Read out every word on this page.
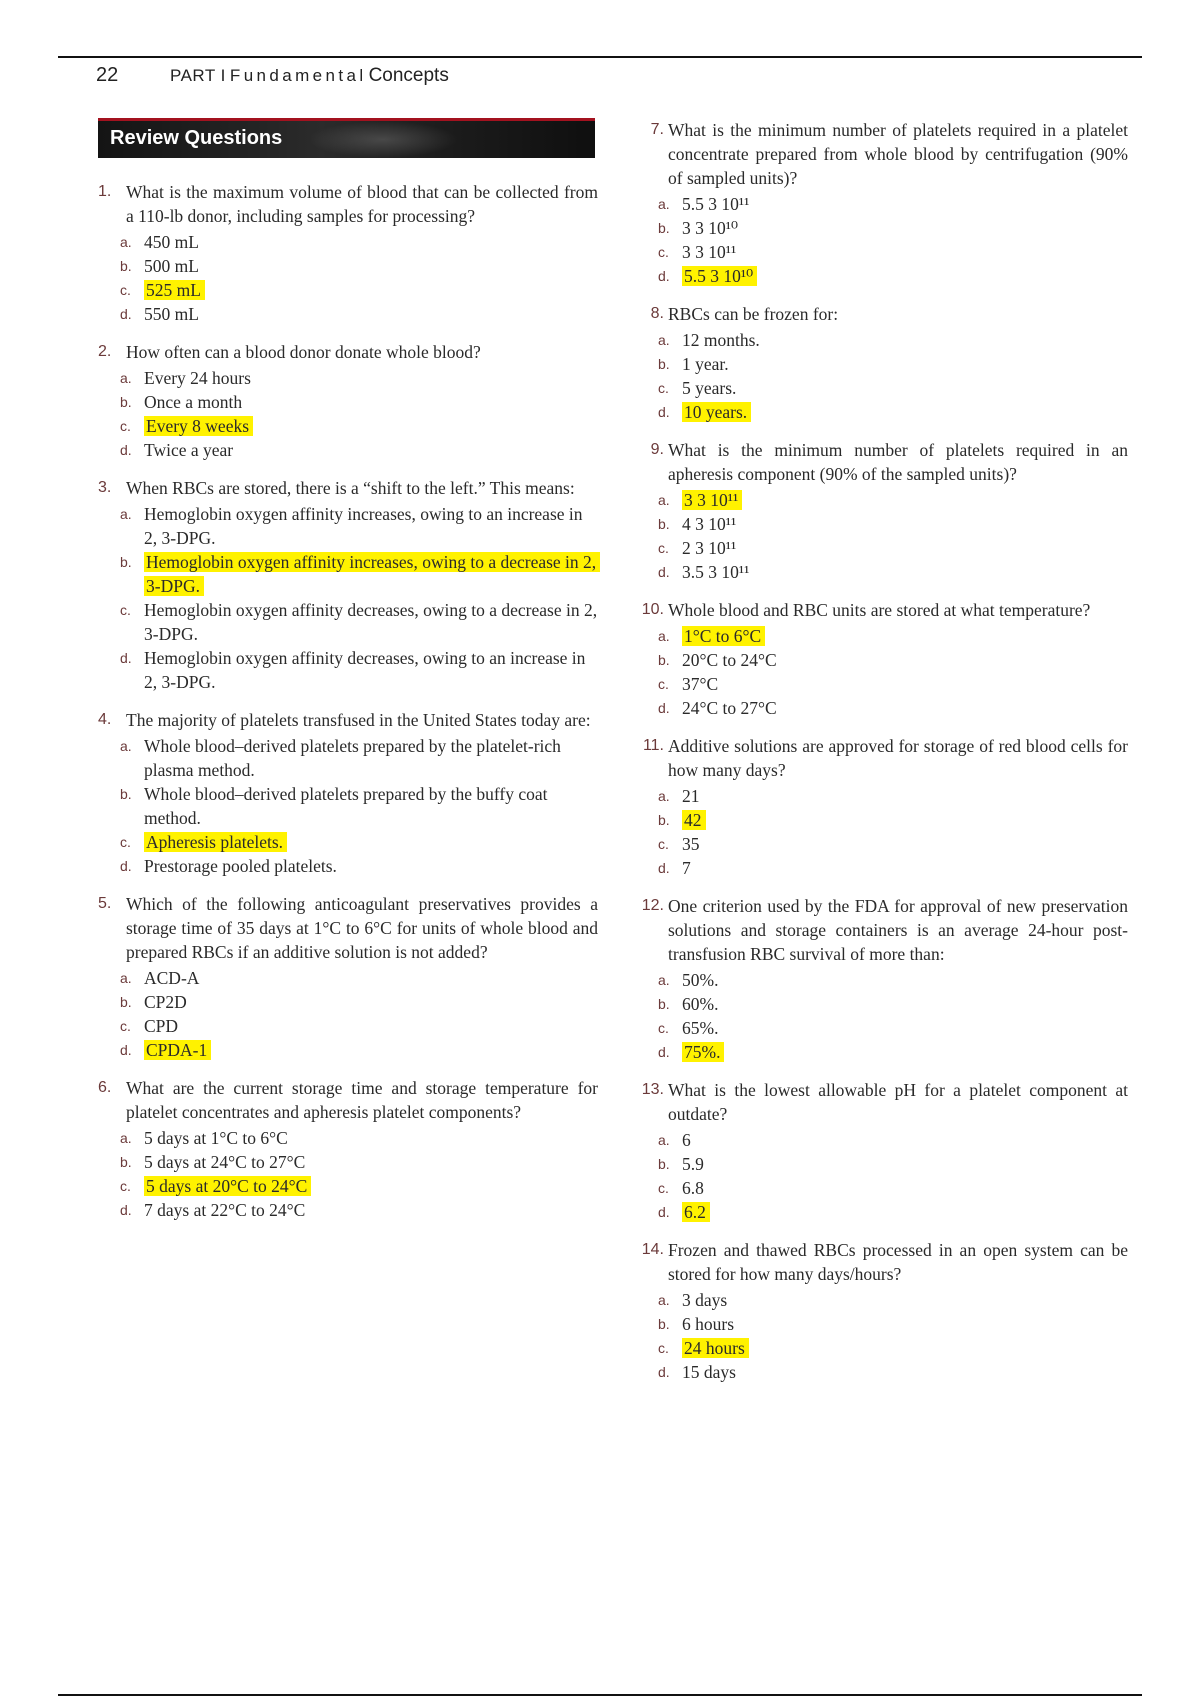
22	PART I Fundamental Concepts
Review Questions
1. What is the maximum volume of blood that can be collected from a 110-lb donor, including samples for processing?
a. 450 mL
b. 500 mL
c. 525 mL
d. 550 mL
2. How often can a blood donor donate whole blood?
a. Every 24 hours
b. Once a month
c. Every 8 weeks
d. Twice a year
3. When RBCs are stored, there is a “shift to the left.” This means:
a. Hemoglobin oxygen affinity increases, owing to an increase in 2, 3-DPG.
b. Hemoglobin oxygen affinity increases, owing to a decrease in 2, 3-DPG.
c. Hemoglobin oxygen affinity decreases, owing to a decrease in 2, 3-DPG.
d. Hemoglobin oxygen affinity decreases, owing to an increase in 2, 3-DPG.
4. The majority of platelets transfused in the United States today are:
a. Whole blood–derived platelets prepared by the platelet-rich plasma method.
b. Whole blood–derived platelets prepared by the buffy coat method.
c. Apheresis platelets.
d. Prestorage pooled platelets.
5. Which of the following anticoagulant preservatives provides a storage time of 35 days at 1°C to 6°C for units of whole blood and prepared RBCs if an additive solution is not added?
a. ACD-A
b. CP2D
c. CPD
d. CPDA-1
6. What are the current storage time and storage temperature for platelet concentrates and apheresis platelet components?
a. 5 days at 1°C to 6°C
b. 5 days at 24°C to 27°C
c. 5 days at 20°C to 24°C
d. 7 days at 22°C to 24°C
7. What is the minimum number of platelets required in a platelet concentrate prepared from whole blood by centrifugation (90% of sampled units)?
a. 5.5 3 10¹¹
b. 3 3 10¹⁰
c. 3 3 10¹¹
d. 5.5 3 10¹⁰
8. RBCs can be frozen for:
a. 12 months.
b. 1 year.
c. 5 years.
d. 10 years.
9. What is the minimum number of platelets required in an apheresis component (90% of the sampled units)?
a. 3 3 10¹¹
b. 4 3 10¹¹
c. 2 3 10¹¹
d. 3.5 3 10¹¹
10. Whole blood and RBC units are stored at what temperature?
a. 1°C to 6°C
b. 20°C to 24°C
c. 37°C
d. 24°C to 27°C
11. Additive solutions are approved for storage of red blood cells for how many days?
a. 21
b. 42
c. 35
d. 7
12. One criterion used by the FDA for approval of new preservation solutions and storage containers is an average 24-hour post-transfusion RBC survival of more than:
a. 50%.
b. 60%.
c. 65%.
d. 75%.
13. What is the lowest allowable pH for a platelet component at outdate?
a. 6
b. 5.9
c. 6.8
d. 6.2
14. Frozen and thawed RBCs processed in an open system can be stored for how many days/hours?
a. 3 days
b. 6 hours
c. 24 hours
d. 15 days
